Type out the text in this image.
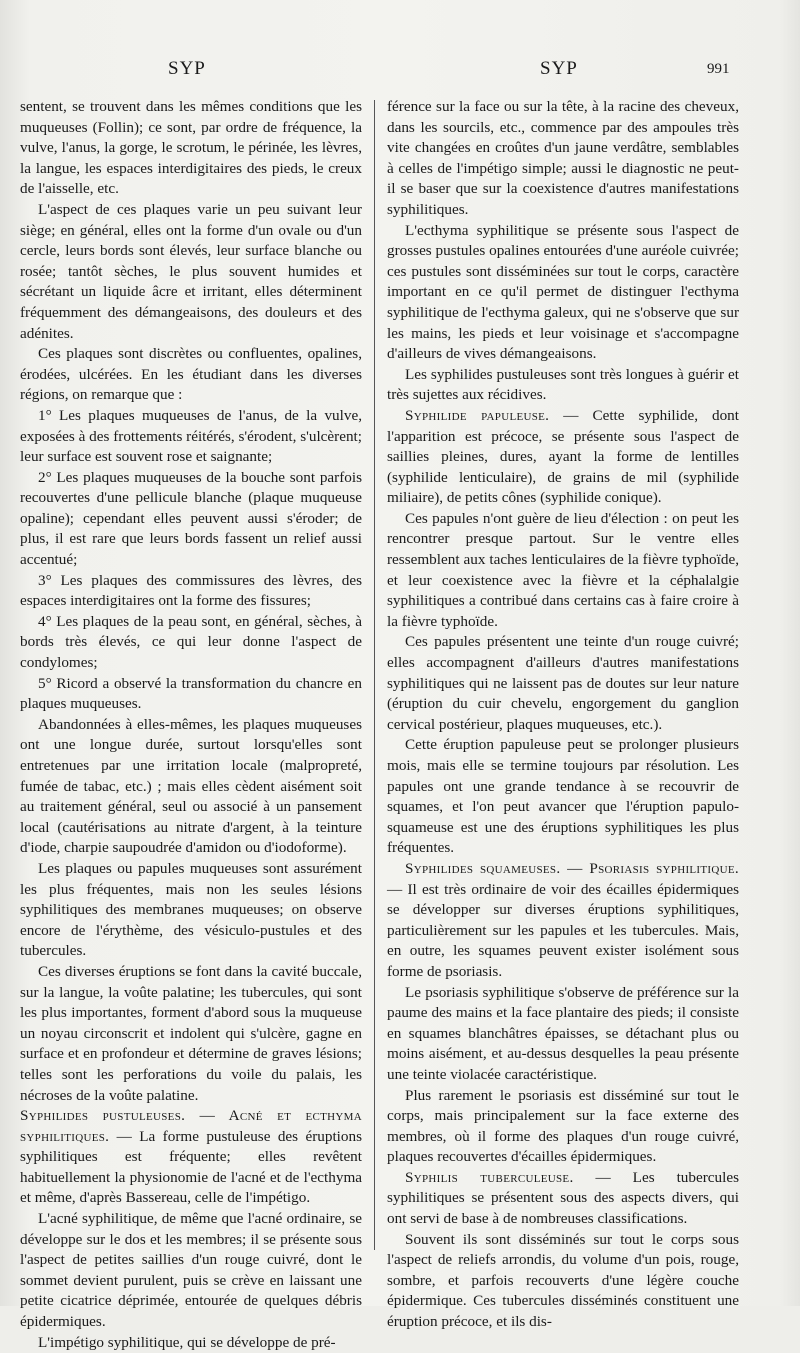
SYP	SYP	991

sentent, se trouvent dans les mêmes conditions que les muqueuses (Follin); ce sont, par ordre de fréquence, la vulve, l'anus, la gorge, le scrotum, le périnée, les lèvres, la langue, les espaces interdigitaires des pieds, le creux de l'aisselle, etc.

L'aspect de ces plaques varie un peu suivant leur siège; en général, elles ont la forme d'un ovale ou d'un cercle, leurs bords sont élevés, leur surface blanche ou rosée; tantôt sèches, le plus souvent humides et sécrétant un liquide âcre et irritant, elles déterminent fréquemment des démangeaisons, des douleurs et des adénites.

Ces plaques sont discrètes ou confluentes, opalines, érodées, ulcérées. En les étudiant dans les diverses régions, on remarque que :

1° Les plaques muqueuses de l'anus, de la vulve, exposées à des frottements réitérés, s'érodent, s'ulcèrent; leur surface est souvent rose et saignante;

2° Les plaques muqueuses de la bouche sont parfois recouvertes d'une pellicule blanche (plaque muqueuse opaline); cependant elles peuvent aussi s'éroder; de plus, il est rare que leurs bords fassent un relief aussi accentué;

3° Les plaques des commissures des lèvres, des espaces interdigitaires ont la forme des fissures;

4° Les plaques de la peau sont, en général, sèches, à bords très élevés, ce qui leur donne l'aspect de condylomes;

5° Ricord a observé la transformation du chancre en plaques muqueuses.

Abandonnées à elles-mêmes, les plaques muqueuses ont une longue durée, surtout lorsqu'elles sont entretenues par une irritation locale (malpropreté, fumée de tabac, etc.) ; mais elles cèdent aisément soit au traitement général, seul ou associé à un pansement local (cautérisations au nitrate d'argent, à la teinture d'iode, charpie saupoudrée d'amidon ou d'iodoforme).

Les plaques ou papules muqueuses sont assurément les plus fréquentes, mais non les seules lésions syphilitiques des membranes muqueuses; on observe encore de l'érythème, des vésiculo-pustules et des tubercules.

Ces diverses éruptions se font dans la cavité buccale, sur la langue, la voûte palatine; les tubercules, qui sont les plus importantes, forment d'abord sous la muqueuse un noyau circonscrit et indolent qui s'ulcère, gagne en surface et en profondeur et détermine de graves lésions; telles sont les perforations du voile du palais, les nécroses de la voûte palatine.

Syphilides pustuleuses. — Acné et ecthyma syphilitiques. — La forme pustuleuse des éruptions syphilitiques est fréquente; elles revêtent habituellement la physionomie de l'acné et de l'ecthyma et même, d'après Bassereau, celle de l'impétigo.

L'acné syphilitique, de même que l'acné ordinaire, se développe sur le dos et les membres; il se présente sous l'aspect de petites saillies d'un rouge cuivré, dont le sommet devient purulent, puis se crève en laissant une petite cicatrice déprimée, entourée de quelques débris épidermiques.

L'impétigo syphilitique, qui se développe de pré-

férence sur la face ou sur la tête, à la racine des cheveux, dans les sourcils, etc., commence par des ampoules très vite changées en croûtes d'un jaune verdâtre, semblables à celles de l'impétigo simple; aussi le diagnostic ne peut-il se baser que sur la coexistence d'autres manifestations syphilitiques.

L'ecthyma syphilitique se présente sous l'aspect de grosses pustules opalines entourées d'une auréole cuivrée; ces pustules sont disséminées sur tout le corps, caractère important en ce qu'il permet de distinguer l'ecthyma syphilitique de l'ecthyma galeux, qui ne s'observe que sur les mains, les pieds et leur voisinage et s'accompagne d'ailleurs de vives démangeaisons.

Les syphilides pustuleuses sont très longues à guérir et très sujettes aux récidives.

Syphilide papuleuse. — Cette syphilide, dont l'apparition est précoce, se présente sous l'aspect de saillies pleines, dures, ayant la forme de lentilles (syphilide lenticulaire), de grains de mil (syphilide miliaire), de petits cônes (syphilide conique).

Ces papules n'ont guère de lieu d'élection : on peut les rencontrer presque partout. Sur le ventre elles ressemblent aux taches lenticulaires de la fièvre typhoïde, et leur coexistence avec la fièvre et la céphalalgie syphilitiques a contribué dans certains cas à faire croire à la fièvre typhoïde.

Ces papules présentent une teinte d'un rouge cuivré; elles accompagnent d'ailleurs d'autres manifestations syphilitiques qui ne laissent pas de doutes sur leur nature (éruption du cuir chevelu, engorgement du ganglion cervical postérieur, plaques muqueuses, etc.).

Cette éruption papuleuse peut se prolonger plusieurs mois, mais elle se termine toujours par résolution. Les papules ont une grande tendance à se recouvrir de squames, et l'on peut avancer que l'éruption papulo-squameuse est une des éruptions syphilitiques les plus fréquentes.

Syphilides squameuses. — Psoriasis syphilitique. — Il est très ordinaire de voir des écailles épidermiques se développer sur diverses éruptions syphilitiques, particulièrement sur les papules et les tubercules. Mais, en outre, les squames peuvent exister isolément sous forme de psoriasis.

Le psoriasis syphilitique s'observe de préférence sur la paume des mains et la face plantaire des pieds; il consiste en squames blanchâtres épaisses, se détachant plus ou moins aisément, et au-dessus desquelles la peau présente une teinte violacée caractéristique.

Plus rarement le psoriasis est disséminé sur tout le corps, mais principalement sur la face externe des membres, où il forme des plaques d'un rouge cuivré, plaques recouvertes d'écailles épidermiques.

Syphilis tuberculeuse. — Les tubercules syphilitiques se présentent sous des aspects divers, qui ont servi de base à de nombreuses classifications.

Souvent ils sont disséminés sur tout le corps sous l'aspect de reliefs arrondis, du volume d'un pois, rouge, sombre, et parfois recouverts d'une légère couche épidermique. Ces tubercules disséminés constituent une éruption précoce, et ils dis-
